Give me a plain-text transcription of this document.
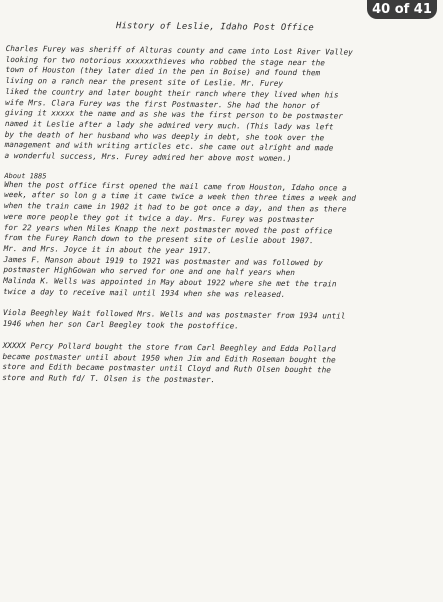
History of Leslie, Idaho Post Office
Charles Furey was sheriff of Alturas county and came into Lost River Valley
looking for two notorious xxxxxxthieves who robbed the stage near the
town of Houston (they later died in the pen in Boise) and found them
living on a ranch near the present site of Leslie. Mr. Furey
liked the country and later bought their ranch where they lived when his
wife Mrs. Clara Furey was the first Postmaster. She had the honor of
giving it xxxxx the name and as she was the first person to be postmaster
named it Leslie after a lady she admired very much. (This lady was left
by the death of her husband who was deeply in debt, she took over the
management and with writing articles etc. she came out alright and made
a wonderful success, Mrs. Furey admired her above most women.)
About 1885
When the post office first opened the mail came from Houston, Idaho once a
week, after so lon g a time it came twice a week then three times a week and
when the train came in 1902 it had to be got once a day, and then as there
were more people they got it twice a day. Mrs. Furey was postmaster
for 22 years when Miles Knapp the next postmaster moved the post office
from the Furey Ranch down to the present site of Leslie about 1907.
Mr. and Mrs. Joyce it in about the year 1917.
James F. Manson about 1919 to 1921 was postmaster and was followed by
postmaster HighGowan who served for one and one half years when
Malinda K. Wells was appointed in May about 1922 where she met the train
twice a day to receive mail until 1934 when she was released.
Viola Beeghley Wait followed Mrs. Wells and was postmaster from 1934 until
1946 when her son Carl Beegley took the postoffice.
XXXXX Percy Pollard bought the store from Carl Beeghley and Edda Pollard
became postmaster until about 1950 when Jim and Edith Roseman bought the
store and Edith became postmaster until Cloyd and Ruth Olsen bought the
store and Ruth fd/ T. Olsen is the postmaster.
40 of 41
